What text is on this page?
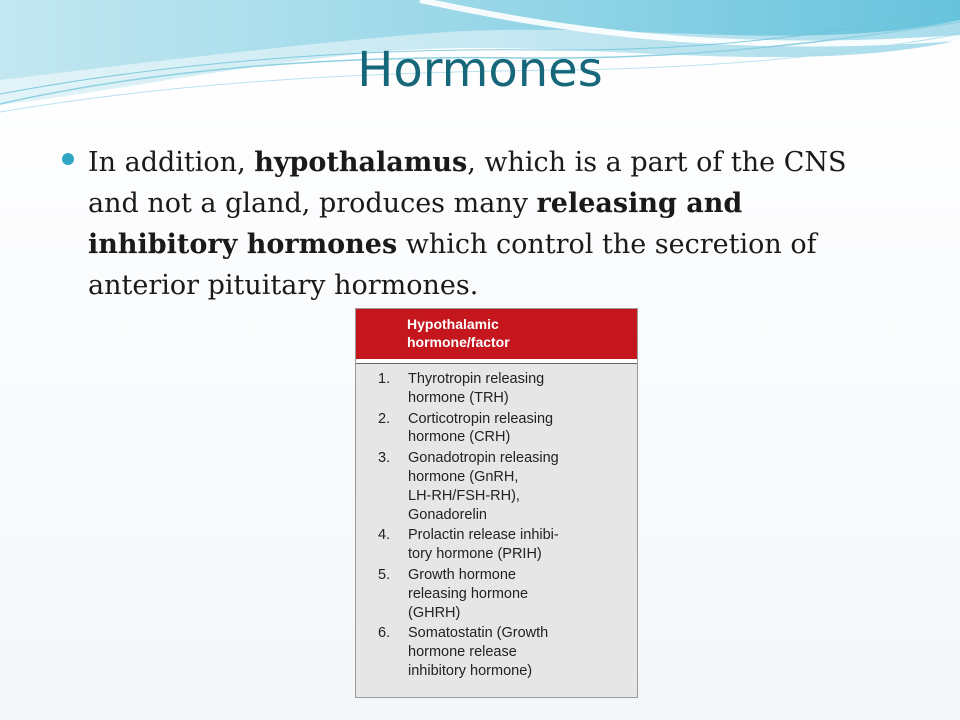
Hormones
In addition, hypothalamus, which is a part of the CNS and not a gland, produces many releasing and inhibitory hormones which control the secretion of anterior pituitary hormones.
Hypothalamic
hormone/factor
1. Thyrotropin releasing
hormone (TRH)
2. Corticotropin releasing
hormone (CRH)
3. Gonadotropin releasing
hormone (GnRH,
LH-RH/FSH-RH),
Gonadorelin
4. Prolactin release inhibi-
tory hormone (PRIH)
5. Growth hormone
releasing hormone
(GHRH)
6. Somatostatin (Growth
hormone release
inhibitory hormone)
